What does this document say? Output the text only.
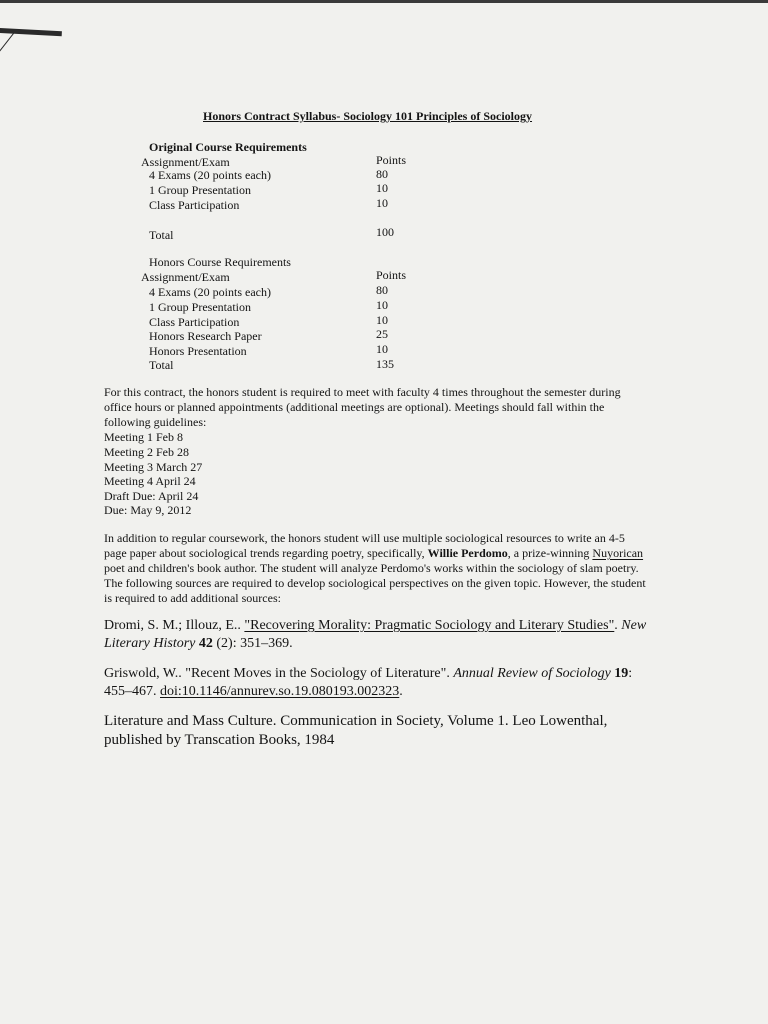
Honors Contract Syllabus- Sociology 101 Principles of Sociology
Original Course Requirements
Assignment/Exam	Points
4 Exams (20 points each)	80
1 Group Presentation	10
Class Participation	10
Total	100
Honors Course Requirements
Assignment/Exam	Points
4 Exams (20 points each)	80
1 Group Presentation	10
Class Participation	10
Honors Research Paper	25
Honors Presentation	10
Total	135
For this contract, the honors student is required to meet with faculty 4 times throughout the semester during office hours or planned appointments (additional meetings are optional). Meetings should fall within the following guidelines:
Meeting 1 Feb 8
Meeting 2 Feb 28
Meeting 3 March 27
Meeting 4 April 24
Draft Due: April 24
Due: May 9, 2012
In addition to regular coursework, the honors student will use multiple sociological resources to write an 4-5 page paper about sociological trends regarding poetry, specifically, Willie Perdomo, a prize-winning Nuyorican poet and children's book author. The student will analyze Perdomo's works within the sociology of slam poetry. The following sources are required to develop sociological perspectives on the given topic. However, the student is required to add additional sources:
Dromi, S. M.; Illouz, E.. "Recovering Morality: Pragmatic Sociology and Literary Studies". New Literary History 42 (2): 351–369.
Griswold, W.. "Recent Moves in the Sociology of Literature". Annual Review of Sociology 19: 455–467. doi:10.1146/annurev.so.19.080193.002323.
Literature and Mass Culture. Communication in Society, Volume 1. Leo Lowenthal, published by Transcation Books, 1984
